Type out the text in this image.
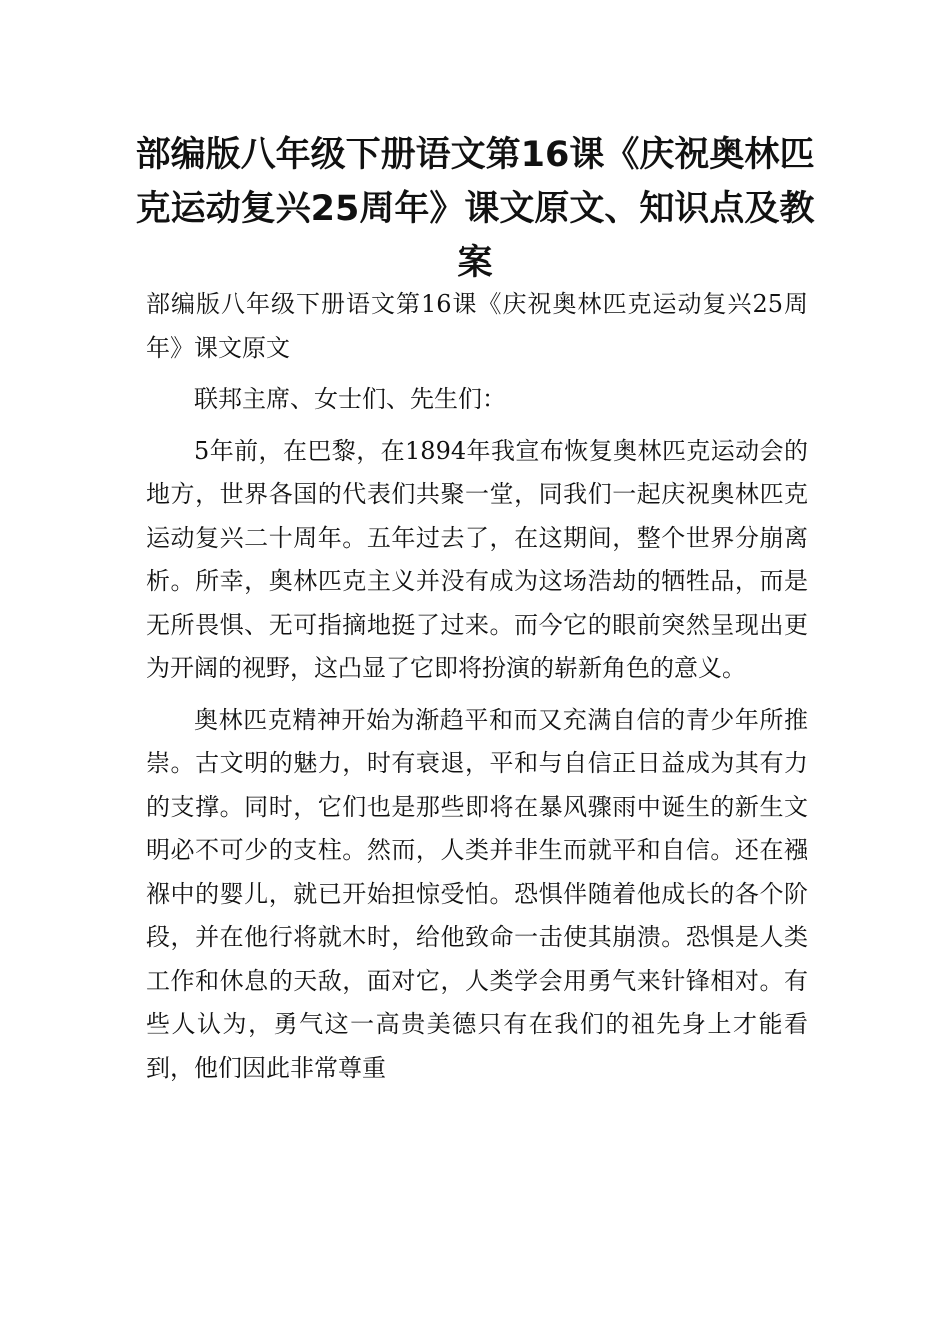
部编版八年级下册语文第16课《庆祝奥林匹克运动复兴25周年》课文原文、知识点及教案

部编版八年级下册语文第16课《庆祝奥林匹克运动复兴25周年》课文原文

联邦主席、女士们、先生们：

5年前，在巴黎，在1894年我宣布恢复奥林匹克运动会的地方，世界各国的代表们共聚一堂，同我们一起庆祝奥林匹克运动复兴二十周年。五年过去了，在这期间，整个世界分崩离析。所幸，奥林匹克主义并没有成为这场浩劫的牺牲品，而是无所畏惧、无可指摘地挺了过来。而今它的眼前突然呈现出更为开阔的视野，这凸显了它即将扮演的崭新角色的意义。

奥林匹克精神开始为渐趋平和而又充满自信的青少年所推崇。古文明的魅力，时有衰退，平和与自信正日益成为其有力的支撑。同时，它们也是那些即将在暴风骤雨中诞生的新生文明必不可少的支柱。然而，人类并非生而就平和自信。还在襁褓中的婴儿，就已开始担惊受怕。恐惧伴随着他成长的各个阶段，并在他行将就木时，给他致命一击使其崩溃。恐惧是人类工作和休息的天敌，面对它，人类学会用勇气来针锋相对。有些人认为，勇气这一高贵美德只有在我们的祖先身上才能看到，他们因此非常尊重
